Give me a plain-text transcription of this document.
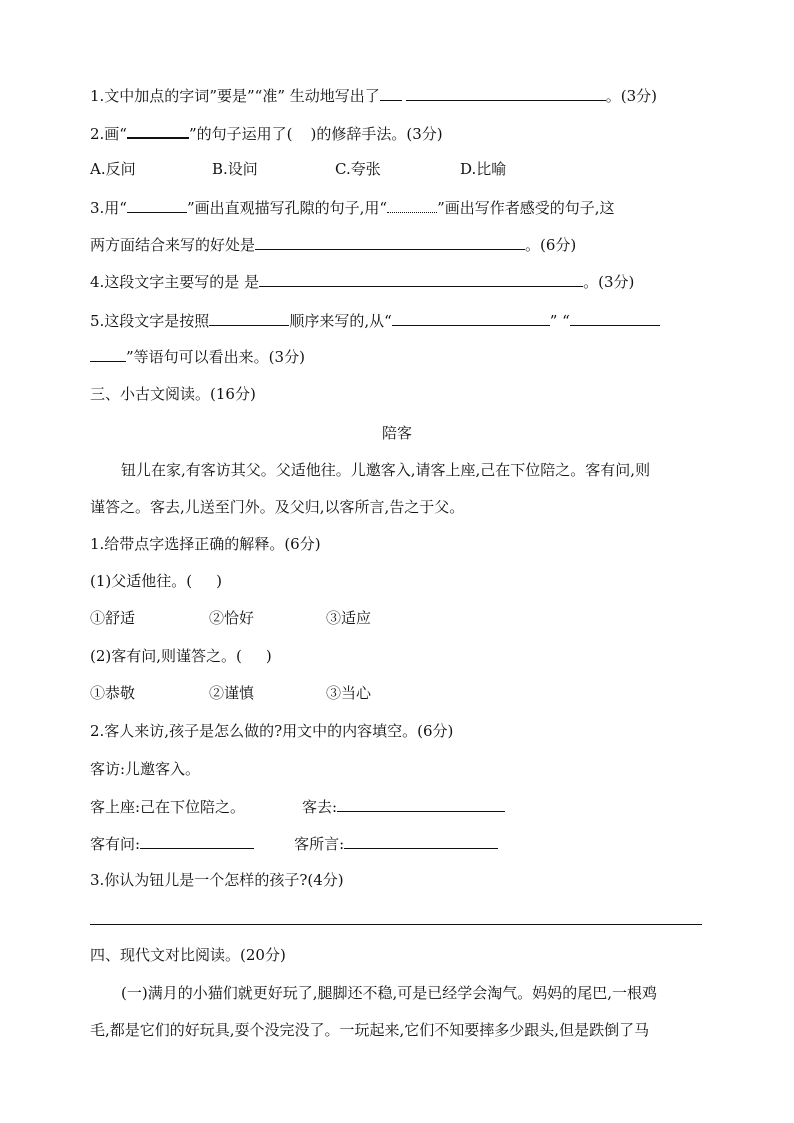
1.文中加点的字词”要是”“准” 生动地写出了	。(3分)
2.画“	”的句子运用了( )的修辞手法。(3分)
A.反问	B.设问	C.夸张	D.比喻
3.用“	”画出直观描写孔隙的句子,用“	”画出写作者感受的句子,这
两方面结合来写的好处是	。(6分)
4.这段文字主要写的是 是	。(3分)
5.这段文字是按照	顺序来写的,从“	” “
”等语句可以看出来。(3分)
三、小古文阅读。(16分)
陪客
钮儿在家,有客访其父。父适他往。儿邀客入,请客上座,己在下位陪之。客有问,则
谨答之。客去,儿送至门外。及父归,以客所言,告之于父。
1.给带点字选择正确的解释。(6分)
(1)父适他往。( )
①舒适	②恰好	③适应
(2)客有问,则谨答之。( )
①恭敬	②谨慎	③当心
2.客人来访,孩子是怎么做的?用文中的内容填空。(6分)
客访:儿邀客入。
客上座:己在下位陪之。	客去:
客有问:	客所言:
3.你认为钮儿是一个怎样的孩子?(4分)
四、现代文对比阅读。(20分)
(一)满月的小猫们就更好玩了,腿脚还不稳,可是已经学会淘气。妈妈的尾巴,一根鸡
毛,都是它们的好玩具,耍个没完没了。一玩起来,它们不知要摔多少跟头,但是跌倒了马
